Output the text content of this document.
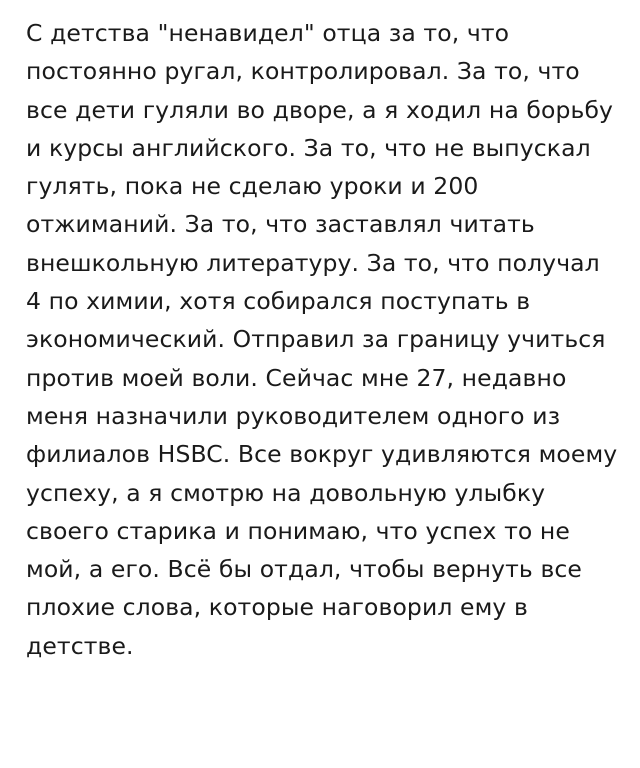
С детства "ненавидел" отца за то, что постоянно ругал, контролировал. За то, что все дети гуляли во дворе, а я ходил на борьбу и курсы английского. За то, что не выпускал гулять, пока не сделаю уроки и 200 отжиманий. За то, что заставлял читать внешкольную литературу. За то, что получал 4 по химии, хотя собирался поступать в экономический. Отправил за границу учиться против моей воли. Сейчас мне 27, недавно меня назначили руководителем одного из филиалов HSBC. Все вокруг удивляются моему успеху, а я смотрю на довольную улыбку своего старика и понимаю, что успех то не мой, а его. Всё бы отдал, чтобы вернуть все плохие слова, которые наговорил ему в детстве.
